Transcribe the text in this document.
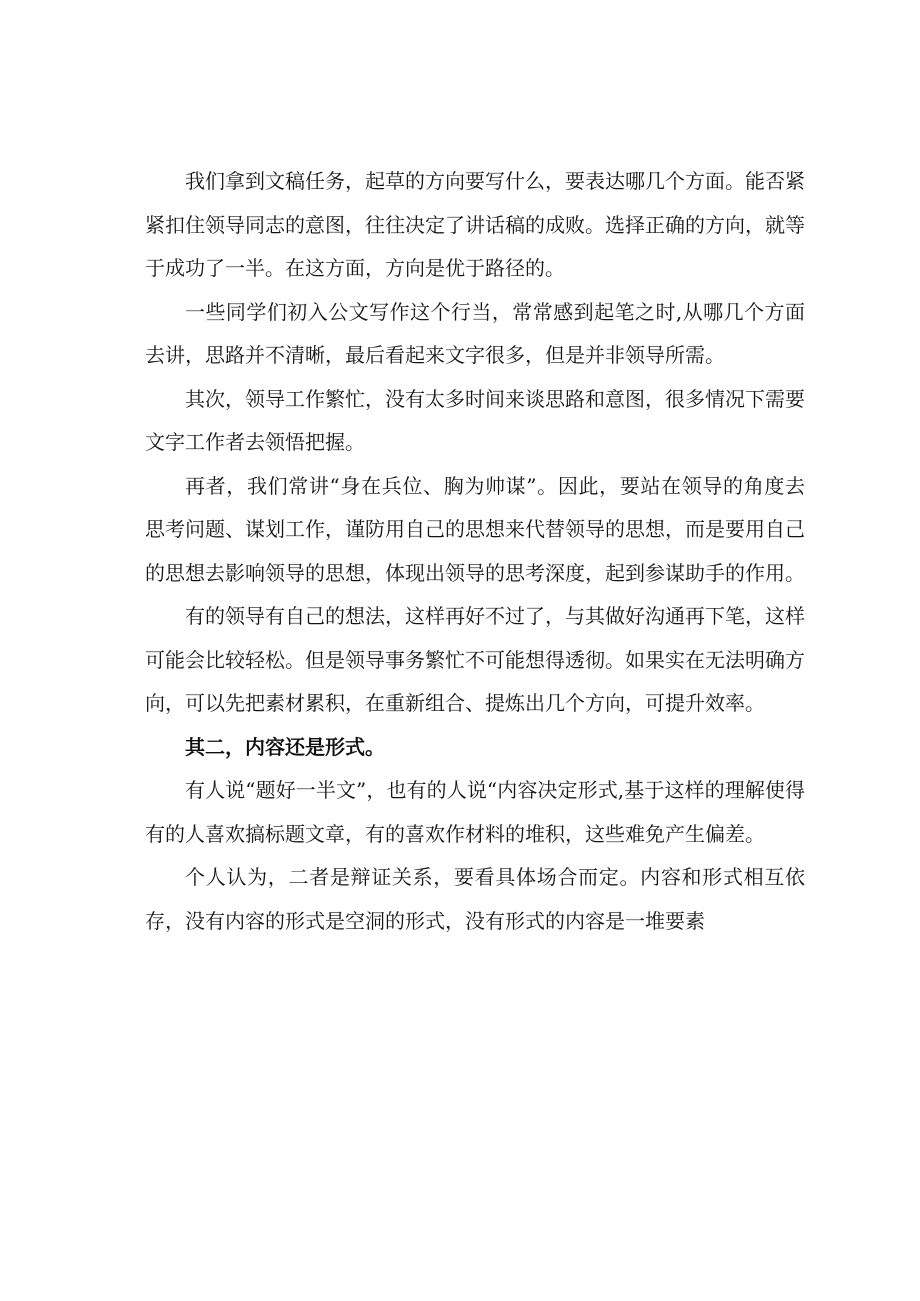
我们拿到文稿任务，起草的方向要写什么，要表达哪几个方面。能否紧紧扣住领导同志的意图，往往决定了讲话稿的成败。选择正确的方向，就等于成功了一半。在这方面，方向是优于路径的。

一些同学们初入公文写作这个行当，常常感到起笔之时,从哪几个方面去讲，思路并不清晰，最后看起来文字很多，但是并非领导所需。

其次，领导工作繁忙，没有太多时间来谈思路和意图，很多情况下需要文字工作者去领悟把握。

再者，我们常讲“身在兵位、胸为帅谋”。因此，要站在领导的角度去思考问题、谋划工作，谨防用自己的思想来代替领导的思想，而是要用自己的思想去影响领导的思想，体现出领导的思考深度，起到参谋助手的作用。

有的领导有自己的想法，这样再好不过了，与其做好沟通再下笔，这样可能会比较轻松。但是领导事务繁忙不可能想得透彻。如果实在无法明确方向，可以先把素材累积，在重新组合、提炼出几个方向，可提升效率。

其二，内容还是形式。

有人说“题好一半文”，也有的人说“内容决定形式,基于这样的理解使得有的人喜欢搞标题文章，有的喜欢作材料的堆积，这些难免产生偏差。

个人认为，二者是辩证关系，要看具体场合而定。内容和形式相互依存，没有内容的形式是空洞的形式，没有形式的内容是一堆要素
